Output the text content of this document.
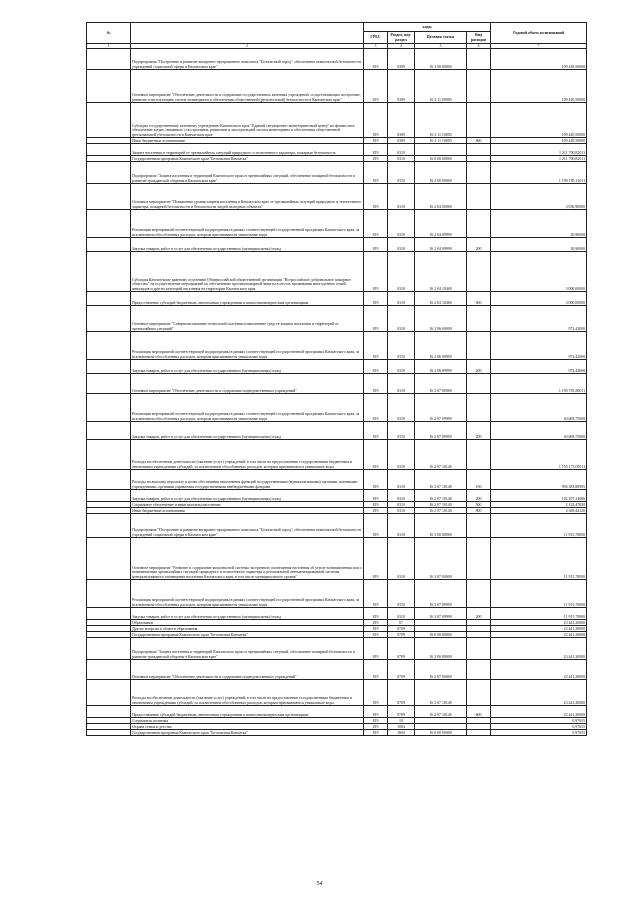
№		коды				Годовой объем ассигнований
		ГРБС	Раздел, под- раздел	Целевая статья	Вид расходов	
1	2	3	4	5	6	7
	Подпрограмма "Построение и развитие аппаратно-программного комплекса "Безопасный город", обеспечение комплексной безопасности учреждений социальной сферы в Камчатском крае"	819	0309	16 3 00 00000		109 449,50000
	Основное мероприятие "Обеспечение деятельности и содержание государственных казенных учреждений, осуществляющих построение, развитие и эксплуатацию систем мониторинга и обеспечения общественной (региональной) безопасности в Камчатском крае"	819	0309	16 3 11 00000		109 449,50000
	Субсидия государственному казенному учреждению Камчатского края "Единый ситуационно-мониторинговый центр" на финансовое обеспечение затрат, связанных с построением, развитием и эксплуатацией систем мониторинга и обеспечения общественной (региональной) безопасности в Камчатском крае	819	0309	16 3 11 10850		109 449,50000
	Иные бюджетные ассигнования	819	0309	16 3 11 10850	800	109 449,50000
	Защита населения и территорий от чрезвычайных ситуаций природного и техногенного характера, пожарная безопасность	819	0310			1 211 700,82011
	Государственная программа Камчатского края "Безопасная Камчатка"	819	0310	16 0 00 00000		1 211 700,82011
	Подпрограмма "Защита населения и территорий Камчатского края от чрезвычайных ситуаций, обеспечение пожарной безопасности и развитие гражданской обороны в Камчатском крае"	819	0310	16 2 00 00000		1 199 785,12011
	Основное мероприятие "Повышение уровня защиты населения в Камчатском крае от чрезвычайных ситуаций природного и техногенного характера, пожарной безопасности и безопасности людей на водных объектах"	819	0310	16 2 04 00000		3 030,90000
	Реализация мероприятий соответствующей подпрограммы в рамках соответствующей государственной программы Камчатского края, за исключением обособленных расходов, которым присваиваются уникальные коды	819	0310	16 2 04 09990		30,90000
	Закупка товаров, работ и услуг для обеспечения государственных (муниципальных) нужд	819	0310	16 2 04 09990	200	30,90000
	Субсидия Камчатскому краевому отделению Общероссийской общественной организации "Всероссийское добровольное пожарное общество" на осуществление мероприятий по обеспечению противопожарной защиты в местах проживания многодетных семей, инвалидов и других категорий населения на территории Камчатского края	819	0310	16 2 04 10460		3 000,00000
	Предоставление субсидий бюджетным, автономным учреждениям и иным некоммерческим организациям	819	0310	16 2 04 10460	600	3 000,00000
	Основное мероприятие "Совершенствование технологий спасения и наполнение средств защиты населения и территорий от чрезвычайных ситуаций"	819	0310	16 2 06 00000		972,42000
	Реализация мероприятий соответствующей подпрограммы в рамках соответствующей государственной программы Камчатского края, за исключением обособленных расходов, которым присваиваются уникальные коды	819	0310	16 2 06 09990		972,42000
	Закупка товаров, работ и услуг для обеспечения государственных (муниципальных) нужд	819	0310	16 2 06 09990	200	972,42000
	Основное мероприятие "Обеспечение деятельности и содержание подведомственных учреждений"	819	0310	16 2 07 00000		1 195 781,80011
	Реализация мероприятий соответствующей подпрограммы в рамках соответствующей государственной программы Камчатского края, за исключением обособленных расходов, которым присваиваются уникальные коды	819	0310	16 2 07 09990		40 608,75000
	Закупка товаров, работ и услуг для обеспечения государственных (муниципальных) нужд	819	0310	16 2 07 09990	200	40 608,75000
	Расходы на обеспечение деятельности (оказание услуг) учреждений, в том числе на предоставление государственным бюджетным и автономным учреждениям субсидий, за исключением обособленных расходов, которым присваиваются уникальные коды	819	0310	16 2 07 10140		1 155 173,05011
	Расходы на выплаты персоналу в целях обеспечения выполнения функций государственными (муниципальными) органами, казенными учреждениями, органами управления государственными внебюджетными фондами	819	0310	16 2 07 10140	100	956 383,88995
	Закупка товаров, работ и услуг для обеспечения государственных (муниципальных) нужд	819	0310	16 2 07 10140	200	192 297,24066
	Социальное обеспечение и иные выплаты населению	819	0310	16 2 07 10140	300	2 122,47830
	Иные бюджетные ассигнования	819	0310	16 2 07 10140	800	4 369,44120
	Подпрограмма "Построение и развитие аппаратно-программного комплекса "Безопасный город", обеспечение комплексной безопасности учреждений социальной сферы в Камчатском крае"	819	0310	16 3 00 00000		11 915,70000
	Основное мероприятие "Развитие и содержание комплексной системы экстренного оповещения населения об угрозе возникновения или о возникновении чрезвычайных ситуаций природного и техногенного характера и региональной автоматизированной системы централизованного оповещения населения Камчатского края, в том числе муниципального уровня"	819	0310	16 3 07 00000		11 915,70000
	Реализация мероприятий соответствующей подпрограммы в рамках соответствующей государственной программы Камчатского края, за исключением обособленных расходов, которым присваиваются уникальные коды	819	0310	16 3 07 09990		11 915,70000
	Закупка товаров, работ и услуг для обеспечения государственных (муниципальных) нужд	819	0310	16 3 07 09990	200	11 915,70000
	Образование	819	07			23 441,20000
	Другие вопросы в области образования	819	0709			23 441,20000
	Государственная программа Камчатского края "Безопасная Камчатка"	819	0709	16 0 00 00000		23 441,20000
	Подпрограмма "Защита населения и территорий Камчатского края от чрезвычайных ситуаций, обеспечение пожарной безопасности и развитие гражданской обороны в Камчатском крае"	819	0709	16 2 00 00000		23 441,20000
	Основное мероприятие "Обеспечение деятельности и содержание подведомственных учреждений"	819	0709	16 2 07 00000		23 441,20000
	Расходы на обеспечение деятельности (оказание услуг) учреждений, в том числе на предоставление государственным бюджетным и автономным учреждениям субсидий, за исключением обособленных расходов, которым присваиваются уникальные коды	819	0709	16 2 07 10140		23 441,20000
	Предоставление субсидий бюджетным, автономным учреждениям и иным некоммерческим организациям	819	0709	16 2 07 10140	600	23 441,20000
	Социальная политика	819	10			0,97655
	Охрана семьи и детства	819	1004			0,97655
	Государственная программа Камчатского края "Безопасная Камчатка"	819	1004	16 0 00 00000		0,97655
54
